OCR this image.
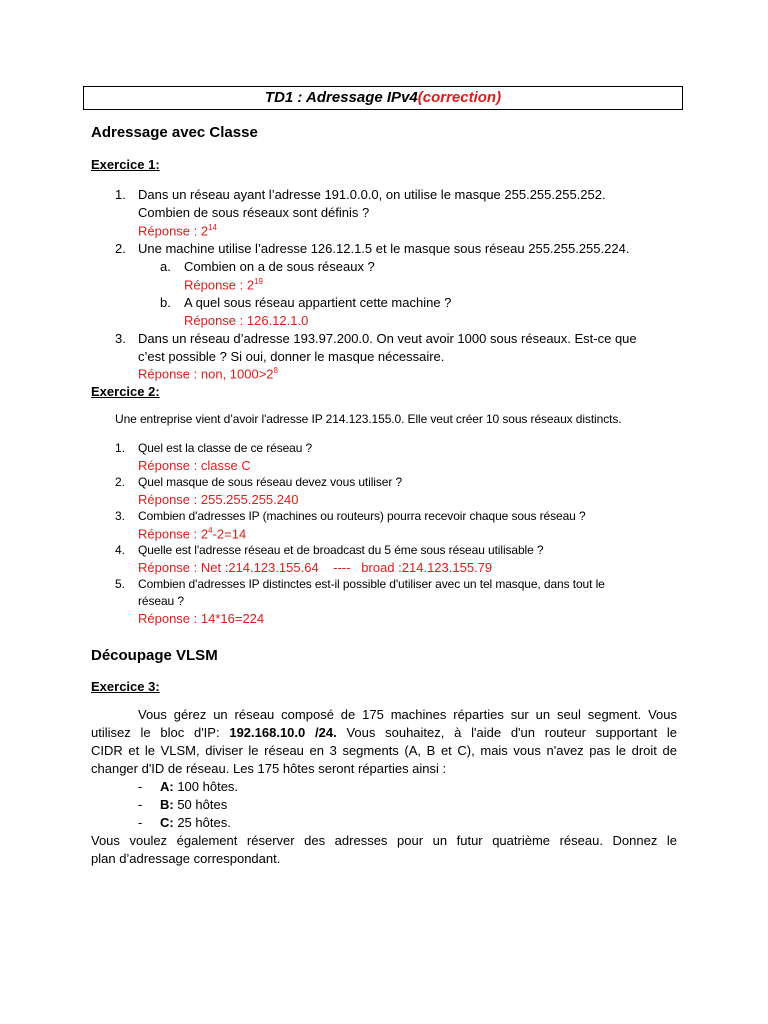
TD1 : Adressage IPv4(correction)
Adressage avec Classe
Exercice 1:
1. Dans un réseau ayant l’adresse 191.0.0.0, on utilise le masque 255.255.255.252.
Combien de sous réseaux sont définis ?
Réponse : $2^{14}$
2. Une machine utilise l’adresse 126.12.1.5 et le masque sous réseau 255.255.255.224.
a. Combien on a de sous réseaux ?
Réponse : $2^{19}$
b. A quel sous réseau appartient cette machine ?
Réponse : 126.12.1.0
3. Dans un réseau d’adresse 193.97.200.0. On veut avoir 1000 sous réseaux. Est-ce que
c’est possible ? Si oui, donner le masque nécessaire.
Réponse : non, $1000>2^8$
Exercice 2:
Une entreprise vient d’avoir l'adresse IP 214.123.155.0. Elle veut créer 10 sous réseaux distincts.
1. Quel est la classe de ce réseau ?
Réponse : classe C
2. Quel masque de sous réseau devez vous utiliser ?
Réponse : 255.255.255.240
3. Combien d'adresses IP (machines ou routeurs) pourra recevoir chaque sous réseau ?
Réponse : $2^4-2=14$
4. Quelle est l'adresse réseau et de broadcast du 5 éme sous réseau utilisable ?
Réponse : Net :214.123.155.64    ----   broad :214.123.155.79
5. Combien d'adresses IP distinctes est-il possible d'utiliser avec un tel masque, dans tout le
réseau ?
Réponse : 14*16=224
Découpage VLSM
Exercice 3:
Vous gérez un réseau composé de 175 machines réparties sur un seul segment. Vous
utilisez le bloc d'IP: 192.168.10.0 /24. Vous souhaitez, à l'aide d'un routeur supportant le
CIDR et le VLSM, diviser le réseau en 3 segments (A, B et C), mais vous n'avez pas le droit de
changer d'ID de réseau. Les 175 hôtes seront réparties ainsi :
- A: 100 hôtes.
- B: 50 hôtes
- C: 25 hôtes.
Vous voulez également réserver des adresses pour un futur quatrième réseau. Donnez le
plan d’adressage correspondant.
